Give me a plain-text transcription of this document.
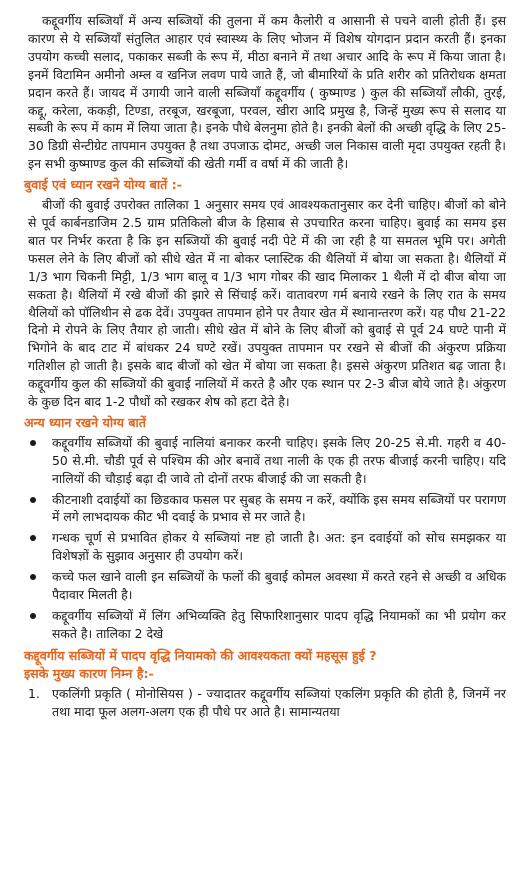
कद्दूवर्गीय सब्जियाँ में अन्य सब्जियों की तुलना में कम कैलोरी व आसानी से पचने वाली होती हैं। इस कारण से ये सब्जियाँ संतुलित आहार एवं स्वास्थ्य के लिए भोजन में विशेष योगदान प्रदान करती हैं। इनका उपयोग कच्ची सलाद, पकाकर सब्जी के रूप में, मीठा बनाने में तथा अचार आदि के रूप में किया जाता है। इनमें विटामिन अमीनो अम्ल व खनिज लवण पाये जाते हैं, जो बीमारियों के प्रति शरीर को प्रतिरोधक क्षमता प्रदान करते हैं। जायद में उगायी जाने वाली सब्जियाँ कद्दूवर्गीय ( कुष्माण्ड ) कुल की सब्जियाँ लौकी, तुरई, कद्दू, करेला, ककड़ी, टिण्डा, तरबूज, खरबूजा, परवल, खीरा आदि प्रमुख है, जिन्हें मुख्य रूप से सलाद या सब्जी के रूप में काम में लिया जाता है। इनके पौधे बेलनुमा होते है। इनकी बेलों की अच्छी वृद्धि के लिए 25-30 डिग्री सेन्टीग्रेट तापमान उपयुक्त है तथा उपजाऊ दोमट, अच्छी जल निकास वाली मृदा उपयुक्त रहती है। इन सभी कुष्माण्ड कुल की सब्जियों की खेती गर्मी व वर्षा में की जाती है।

बुवाई एवं ध्यान रखने योग्य बातें :-

बीजों की बुवाई उपरोक्त तालिका 1 अनुसार समय एवं आवश्यकतानुसार कर देनी चाहिए। बीजों को बोने से पूर्व कार्बनडाजिम 2.5 ग्राम प्रतिकिलो बीज के हिसाब से उपचारित करना चाहिए। बुवाई का समय इस बात पर निर्भर करता है कि इन सब्जियों की बुवाई नदी पेटे में की जा रही है या समतल भूमि पर। अगेती फसल लेने के लिए बीजों को सीधे खेत में ना बोकर प्लास्टिक की थैलियों में बोया जा सकता है। थैलियों में 1/3 भाग चिकनी मिट्टी, 1/3 भाग बालू व 1/3 भाग गोबर की खाद मिलाकर 1 थैली में दो बीज बोया जा सकता है। थैलियों में रखे बीजों की झारे से सिंचाई करें। वातावरण गर्म बनाये रखने के लिए रात के समय थैलियों को पॉलिथीन से ढक देवें। उपयुक्त तापमान होने पर तैयार खेत में स्थानान्तरण करें। यह पौध 21-22 दिनो मे रोपने के लिए तैयार हो जाती। सीधे खेत में बोने के लिए बीजों को बुवाई से पूर्व 24 घण्टे पानी में भिगोने के बाद टाट में बांधकर 24 घण्टे रखें। उपयुक्त तापमान पर रखने से बीजों की अंकुरण प्रक्रिया गतिशील हो जाती है। इसके बाद बीजों को खेत में बोया जा सकता है। इससे अंकुरण प्रतिशत बढ़ जाता है। कद्दूवर्गीय कुल की सब्जियों की बुवाई नालियों में करते है और एक स्थान पर 2-3 बीज बोये जाते है। अंकुरण के कुछ दिन बाद 1-2 पौधों को रखकर शेष को हटा देते है।

अन्य ध्यान रखने योग्य बातें
कद्दूवर्गीय सब्जियों की बुवाई नालियां बनाकर करनी चाहिए। इसके लिए 20-25 से.मी. गहरी व 40-50 से.मी. चौडी पूर्व से पश्चिम की ओर बनावें तथा नाली के एक ही तरफ बीजाई करनी चाहिए। यदि नालियों की चौड़ाई बढ़ा दी जावे तो दोनों तरफ बीजाई की जा सकती है।
कीटनाशी दवाईयों का छिडकाव फसल पर सुबह के समय न करें, क्योंकि इस समय सब्जियों पर परागण में लगे लाभदायक कीट भी दवाई के प्रभाव से मर जाते है।
गन्धक चूर्ण से प्रभावित होकर ये सब्जियां नष्ट हो जाती है। अत: इन दवाईयों को सोच समझकर या विशेषज्ञों के सुझाव अनुसार ही उपयोग करें।
कच्चे फल खाने वाली इन सब्जियों के फलों की बुवाई कोमल अवस्था में करते रहने से अच्छी व अधिक पैदावार मिलती है।
कद्दूवर्गीय सब्जियों में लिंग अभिव्यक्ति हेतु सिफारिशानुसार पादप वृद्धि नियामकों का भी प्रयोग कर सकते है। तालिका 2 देखे
कद्दूवर्गीय सब्जियों में पादप वृद्धि नियामको की आवश्यकता क्यों महसूस हुई ?
इसके मुख्य कारण निम्न है:-
1. एकलिंगी प्रकृति ( मोनोसियस ) - ज्यादातर कद्दूवर्गीय सब्जियां एकलिंग प्रकृति की होती है, जिनमें नर तथा मादा फूल अलग-अलग एक ही पौधे पर आते है। सामान्यतया
